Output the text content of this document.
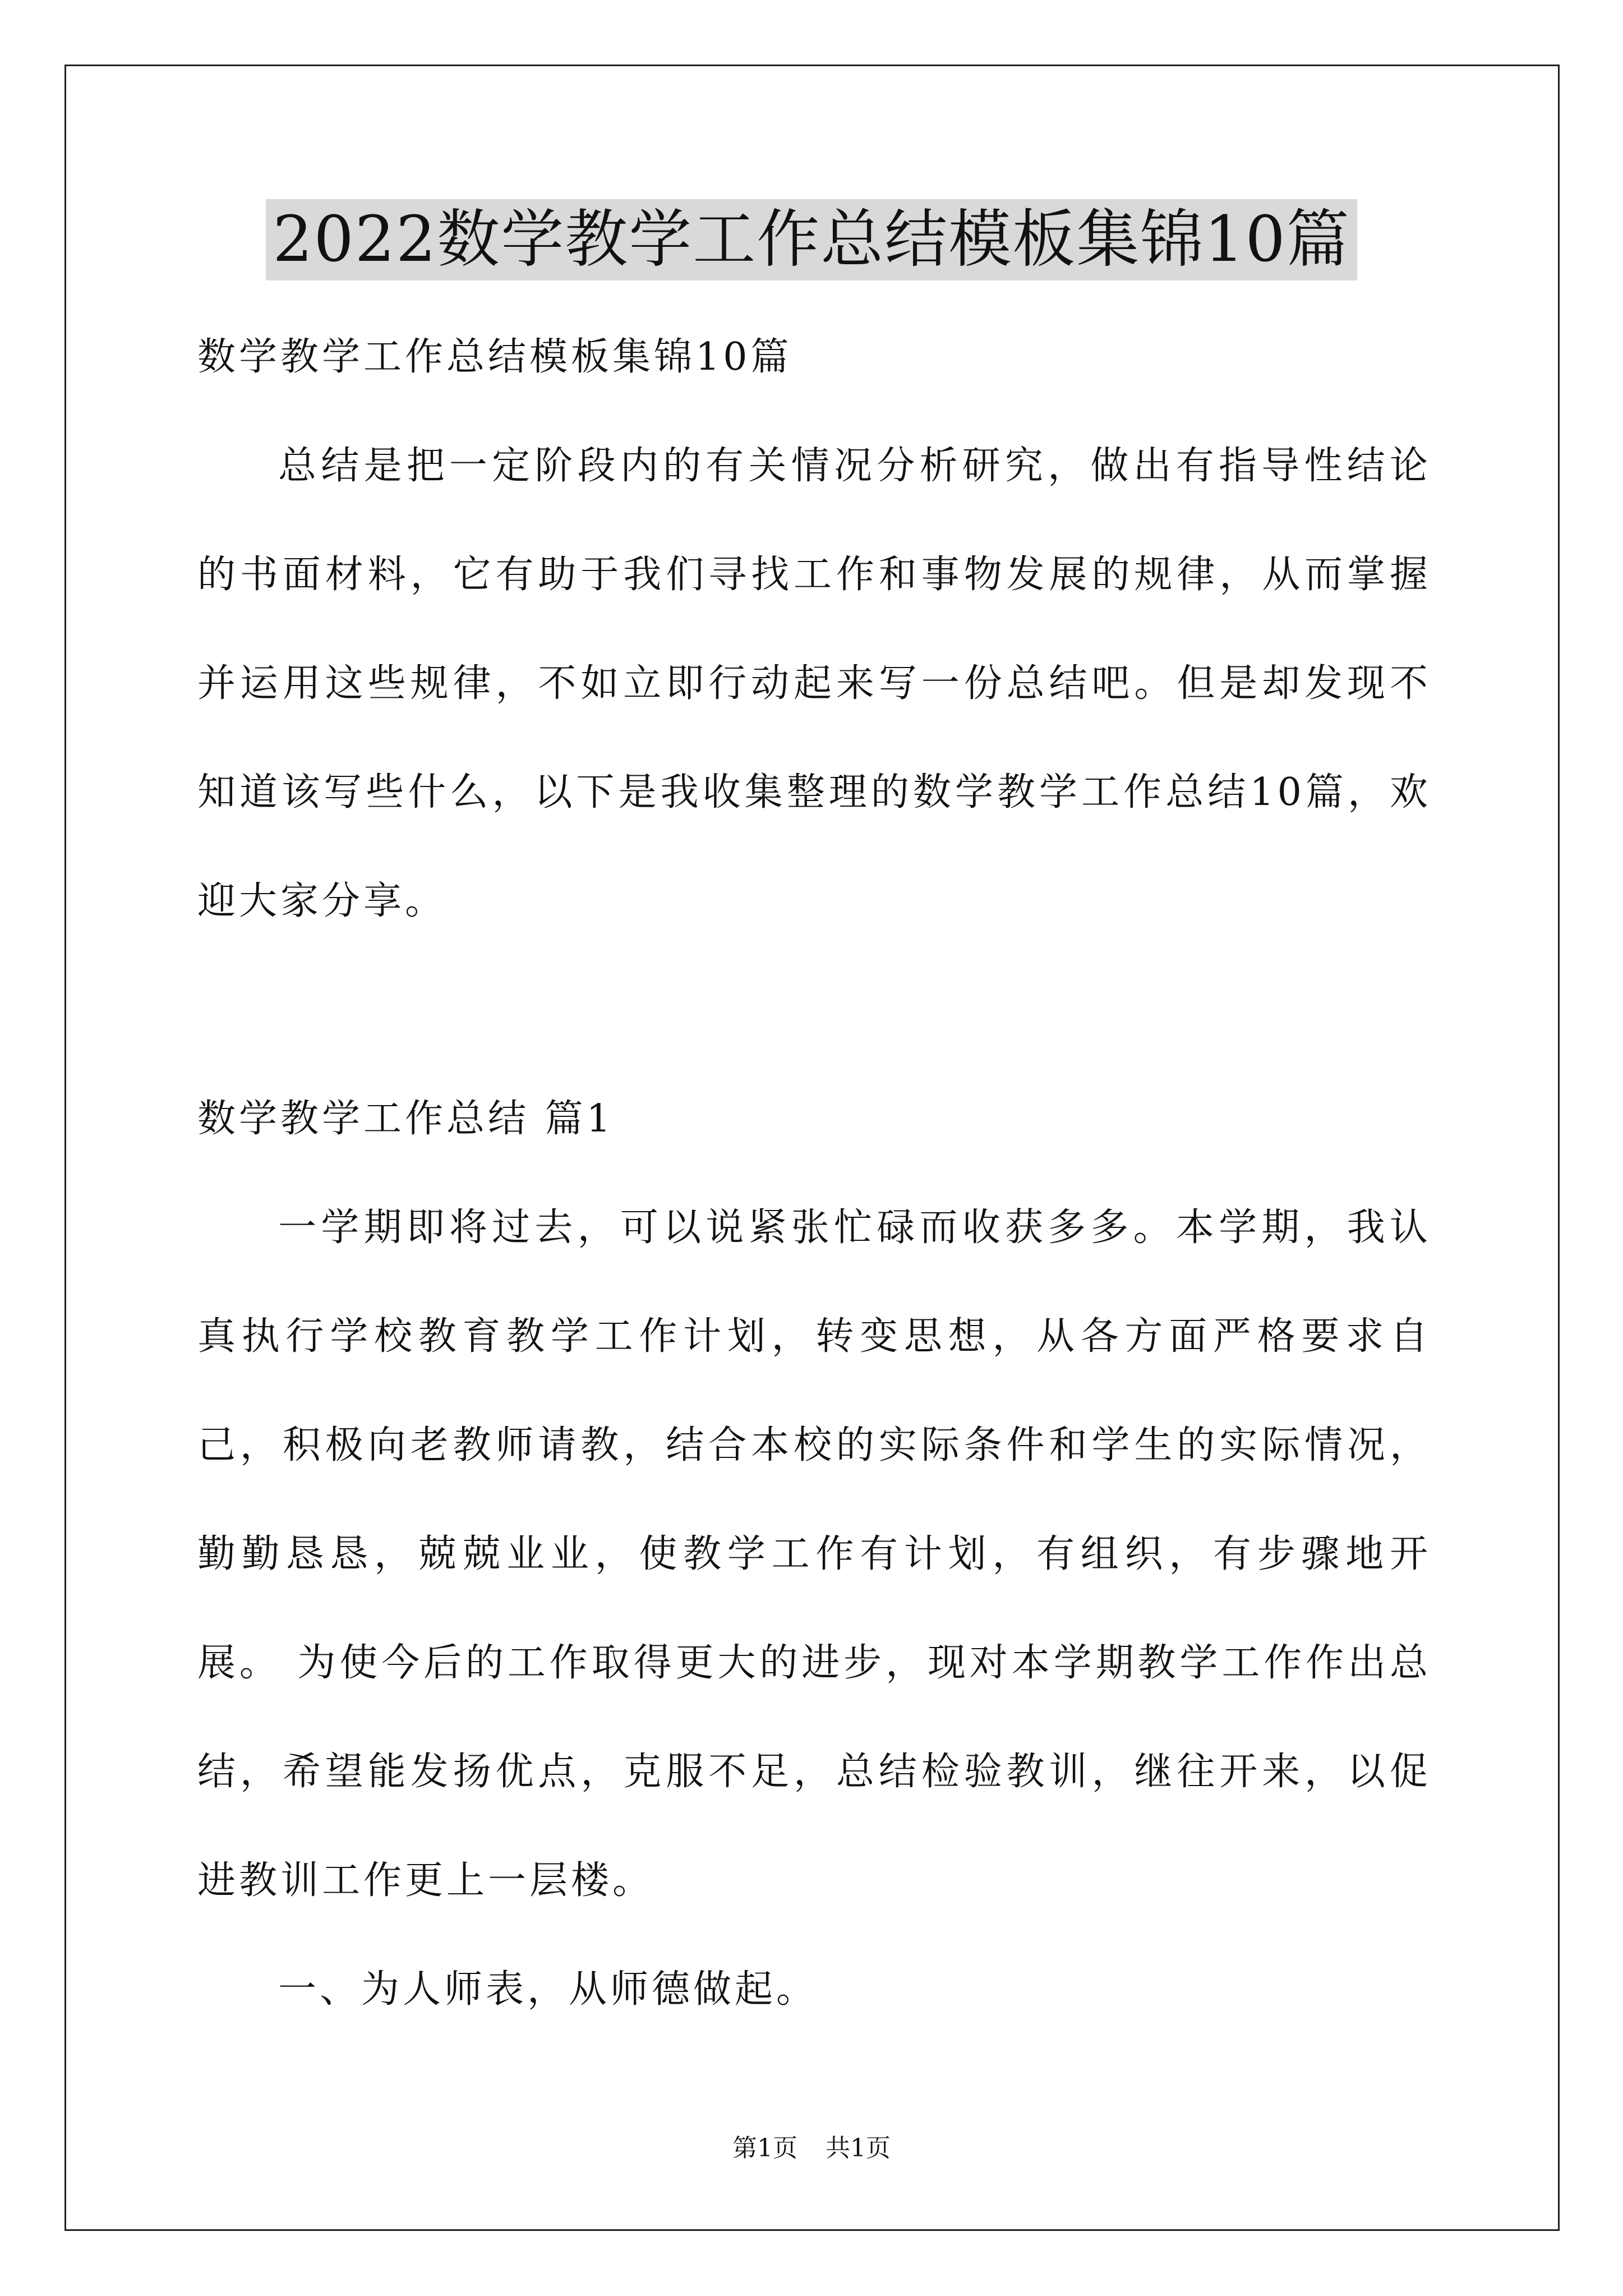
2022数学教学工作总结模板集锦10篇

数学教学工作总结模板集锦10篇

总结是把一定阶段内的有关情况分析研究，做出有指导性结论的书面材料，它有助于我们寻找工作和事物发展的规律，从而掌握并运用这些规律，不如立即行动起来写一份总结吧。但是却发现不知道该写些什么，以下是我收集整理的数学教学工作总结10篇，欢迎大家分享。

数学教学工作总结 篇1

一学期即将过去，可以说紧张忙碌而收获多多。本学期，我认真执行学校教育教学工作计划，转变思想，从各方面严格要求自己，积极向老教师请教，结合本校的实际条件和学生的实际情况，勤勤恳恳，兢兢业业，使教学工作有计划，有组织，有步骤地开展。 为使今后的工作取得更大的进步，现对本学期教学工作作出总结，希望能发扬优点，克服不足，总结检验教训，继往开来，以促进教训工作更上一层楼。

一、为人师表，从师德做起。

第1页 共1页
